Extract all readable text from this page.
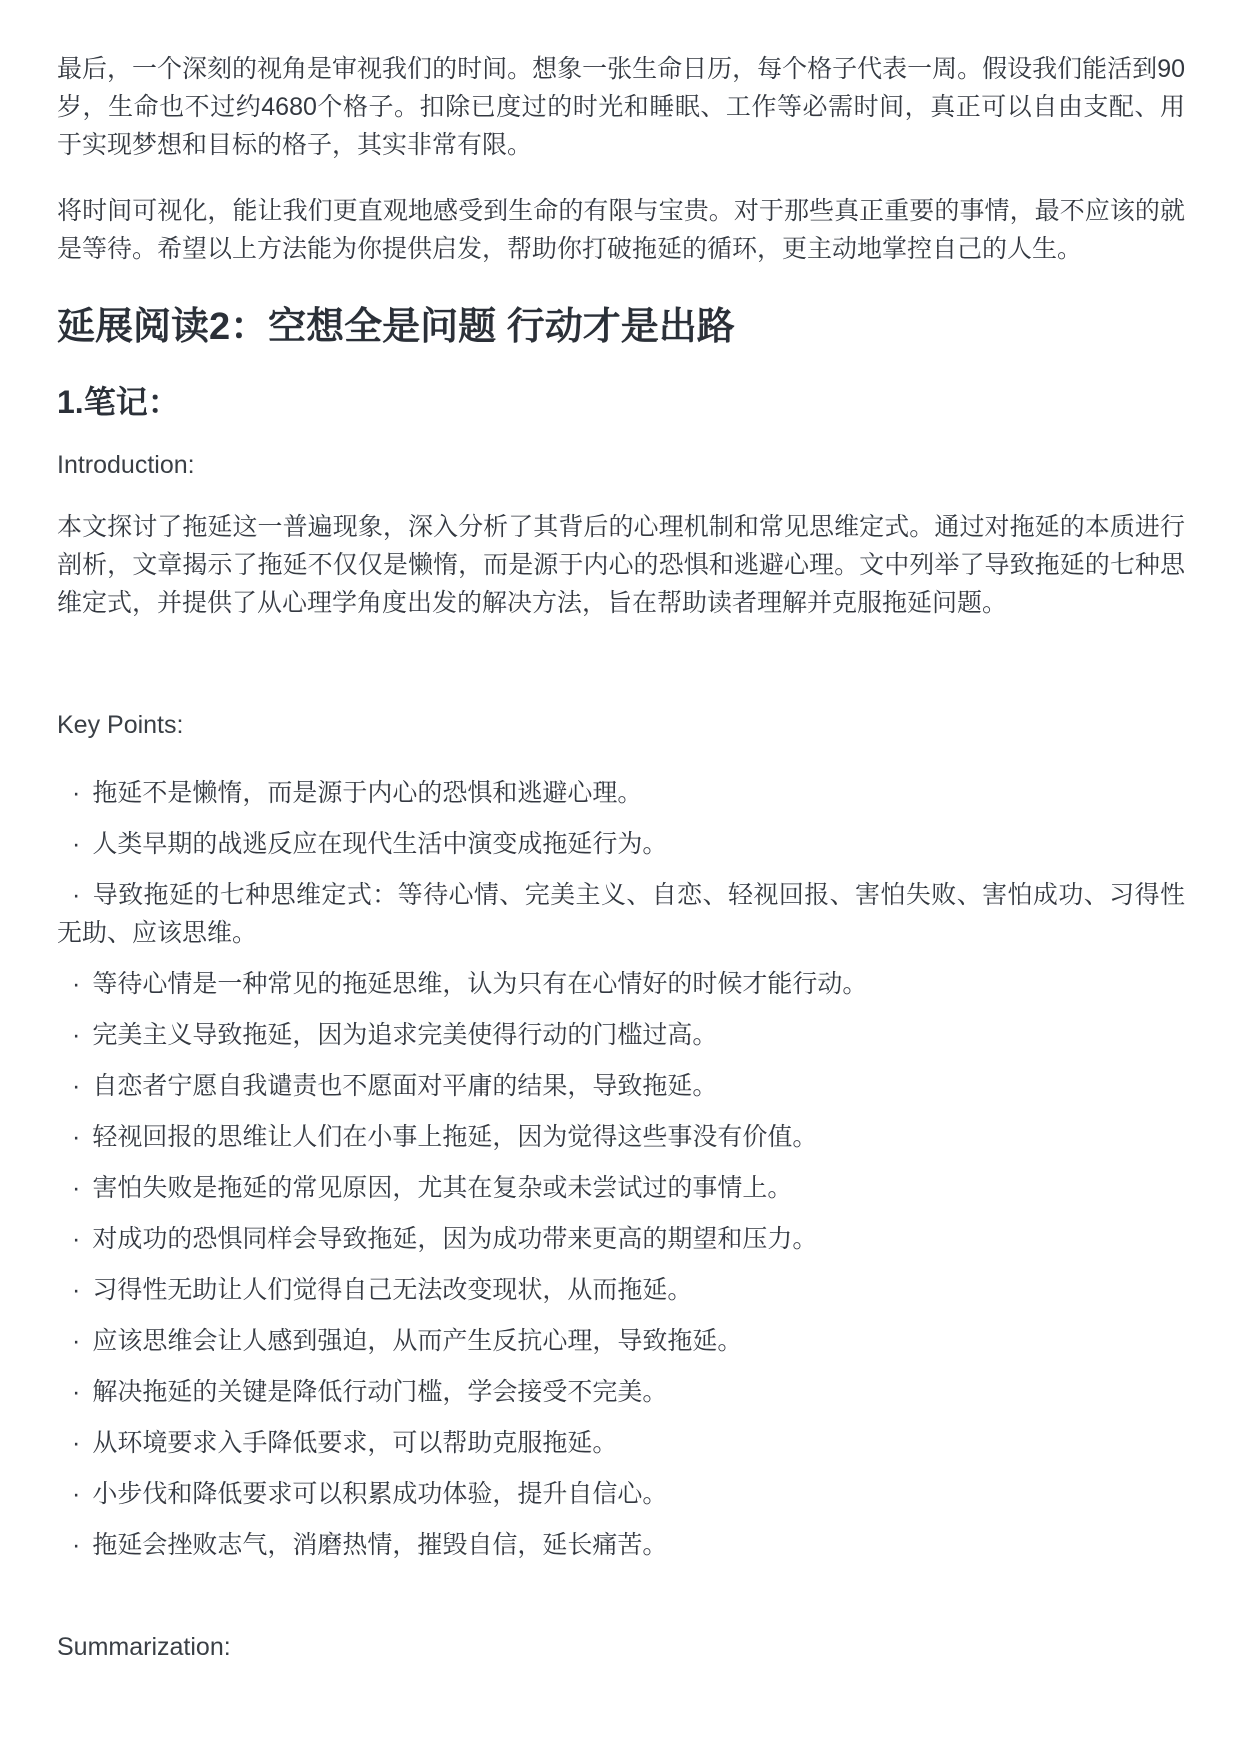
最后，一个深刻的视角是审视我们的时间。想象一张生命日历，每个格子代表一周。假设我们能活到90岁，生命也不过约4680个格子。扣除已度过的时光和睡眠、工作等必需时间，真正可以自由支配、用于实现梦想和目标的格子，其实非常有限。

将时间可视化，能让我们更直观地感受到生命的有限与宝贵。对于那些真正重要的事情，最不应该的就是等待。希望以上方法能为你提供启发，帮助你打破拖延的循环，更主动地掌控自己的人生。

延展阅读2：空想全是问题 行动才是出路
1.笔记：

Introduction:

本文探讨了拖延这一普遍现象，深入分析了其背后的心理机制和常见思维定式。通过对拖延的本质进行剖析，文章揭示了拖延不仅仅是懒惰，而是源于内心的恐惧和逃避心理。文中列举了导致拖延的七种思维定式，并提供了从心理学角度出发的解决方法，旨在帮助读者理解并克服拖延问题。

Key Points:

· 拖延不是懒惰，而是源于内心的恐惧和逃避心理。
· 人类早期的战逃反应在现代生活中演变成拖延行为。
· 导致拖延的七种思维定式：等待心情、完美主义、自恋、轻视回报、害怕失败、害怕成功、习得性无助、应该思维。
· 等待心情是一种常见的拖延思维，认为只有在心情好的时候才能行动。
· 完美主义导致拖延，因为追求完美使得行动的门槛过高。
· 自恋者宁愿自我谴责也不愿面对平庸的结果，导致拖延。
· 轻视回报的思维让人们在小事上拖延，因为觉得这些事没有价值。
· 害怕失败是拖延的常见原因，尤其在复杂或未尝试过的事情上。
· 对成功的恐惧同样会导致拖延，因为成功带来更高的期望和压力。
· 习得性无助让人们觉得自己无法改变现状，从而拖延。
· 应该思维会让人感到强迫，从而产生反抗心理，导致拖延。
· 解决拖延的关键是降低行动门槛，学会接受不完美。
· 从环境要求入手降低要求，可以帮助克服拖延。
· 小步伐和降低要求可以积累成功体验，提升自信心。
· 拖延会挫败志气，消磨热情，摧毁自信，延长痛苦。

Summarization:
